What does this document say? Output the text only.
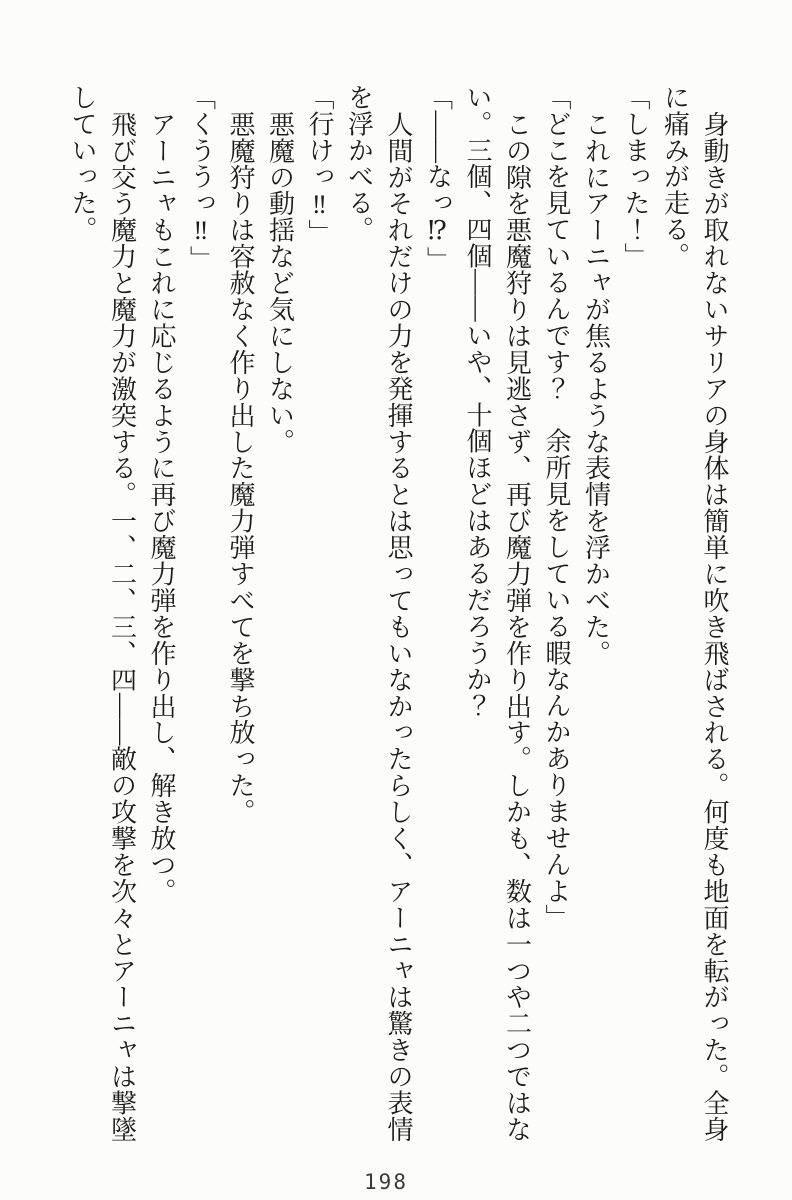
身動きが取れないサリアの身体は簡単に吹き飛ばされる。何度も地面を転がった。全身
に痛みが走る。
「しまった！」
これにアーニャが焦るような表情を浮かべた。
「どこを見ているんです？　余所見をしている暇なんかありませんよ」
この隙を悪魔狩りは見逃さず、再び魔力弾を作り出す。しかも、数は一つや二つではな
い。三個、四個——いや、十個ほどはあるだろうか？
「——なっ⁉」
人間がそれだけの力を発揮するとは思ってもいなかったらしく、アーニャは驚きの表情
を浮かべる。
「行けっ‼」
悪魔の動揺など気にしない。
悪魔狩りは容赦なく作り出した魔力弾すべてを撃ち放った。
「くううっ‼」
アーニャもこれに応じるように再び魔力弾を作り出し、解き放つ。
飛び交う魔力と魔力が激突する。一、二、三、四——敵の攻撃を次々とアーニャは撃墜
していった。
198
